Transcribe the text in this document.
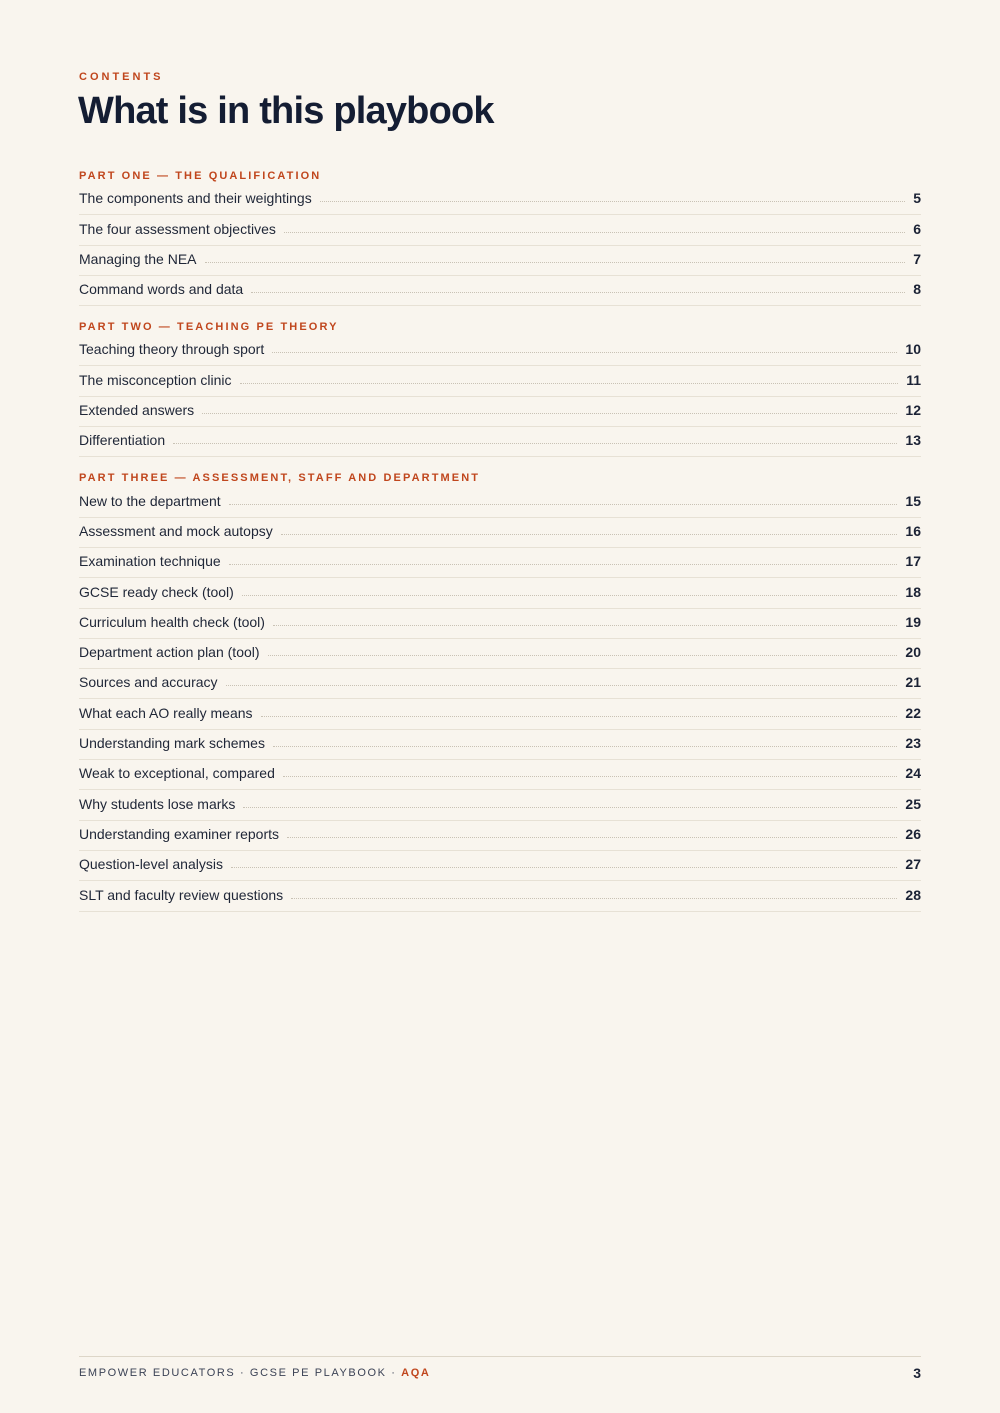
CONTENTS
What is in this playbook
PART ONE — THE QUALIFICATION
The components and their weightings	5
The four assessment objectives	6
Managing the NEA	7
Command words and data	8
PART TWO — TEACHING PE THEORY
Teaching theory through sport	10
The misconception clinic	11
Extended answers	12
Differentiation	13
PART THREE — ASSESSMENT, STAFF AND DEPARTMENT
New to the department	15
Assessment and mock autopsy	16
Examination technique	17
GCSE ready check (tool)	18
Curriculum health check (tool)	19
Department action plan (tool)	20
Sources and accuracy	21
What each AO really means	22
Understanding mark schemes	23
Weak to exceptional, compared	24
Why students lose marks	25
Understanding examiner reports	26
Question-level analysis	27
SLT and faculty review questions	28
EMPOWER EDUCATORS · GCSE PE PLAYBOOK · AQA	3
